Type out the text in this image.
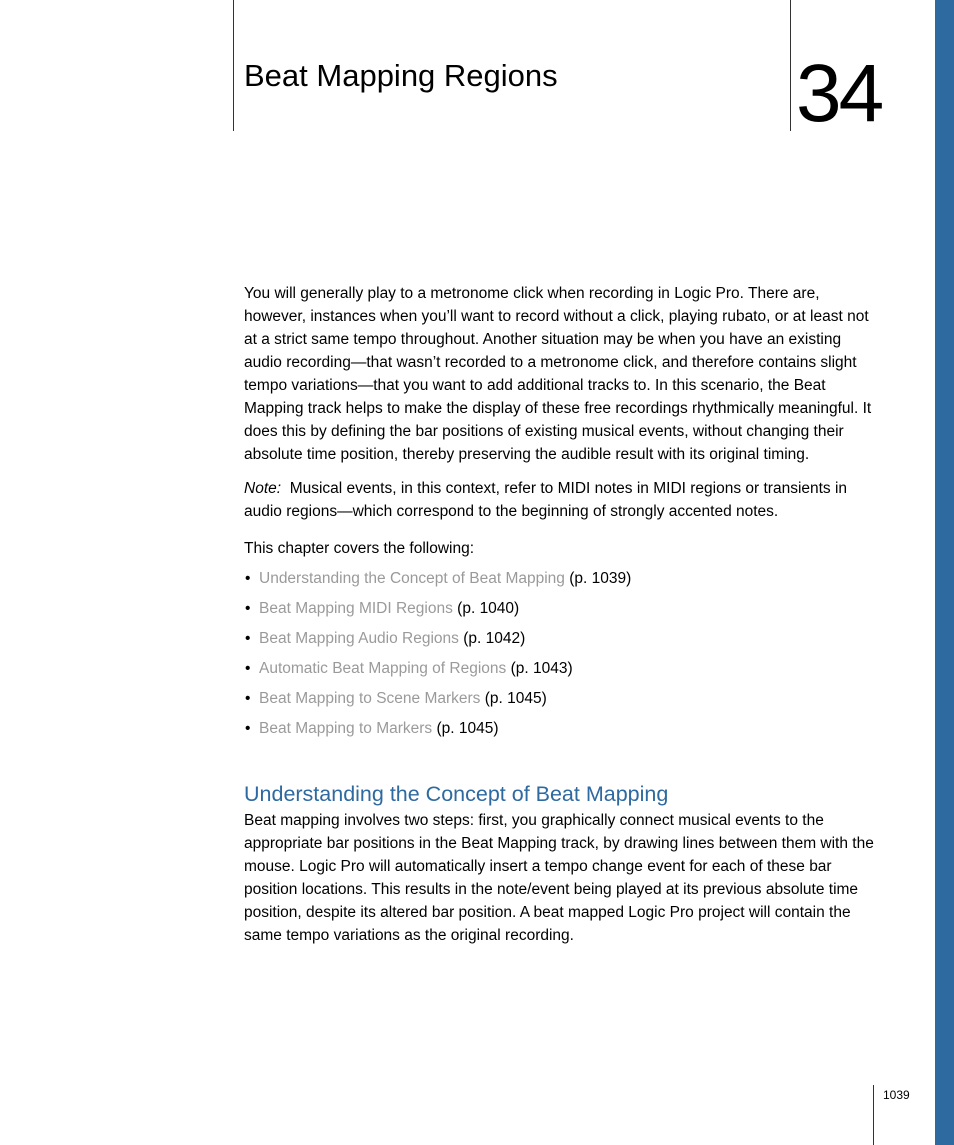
Beat Mapping Regions	34

You will generally play to a metronome click when recording in Logic Pro. There are, however, instances when you’ll want to record without a click, playing rubato, or at least not at a strict same tempo throughout. Another situation may be when you have an existing audio recording—that wasn’t recorded to a metronome click, and therefore contains slight tempo variations—that you want to add additional tracks to. In this scenario, the Beat Mapping track helps to make the display of these free recordings rhythmically meaningful. It does this by defining the bar positions of existing musical events, without changing their absolute time position, thereby preserving the audible result with its original timing.

Note: Musical events, in this context, refer to MIDI notes in MIDI regions or transients in audio regions—which correspond to the beginning of strongly accented notes.

This chapter covers the following:

• Understanding the Concept of Beat Mapping (p. 1039)
• Beat Mapping MIDI Regions (p. 1040)
• Beat Mapping Audio Regions (p. 1042)
• Automatic Beat Mapping of Regions (p. 1043)
• Beat Mapping to Scene Markers (p. 1045)
• Beat Mapping to Markers (p. 1045)
Understanding the Concept of Beat Mapping

Beat mapping involves two steps: first, you graphically connect musical events to the appropriate bar positions in the Beat Mapping track, by drawing lines between them with the mouse. Logic Pro will automatically insert a tempo change event for each of these bar position locations. This results in the note/event being played at its previous absolute time position, despite its altered bar position. A beat mapped Logic Pro project will contain the same tempo variations as the original recording.

1039
